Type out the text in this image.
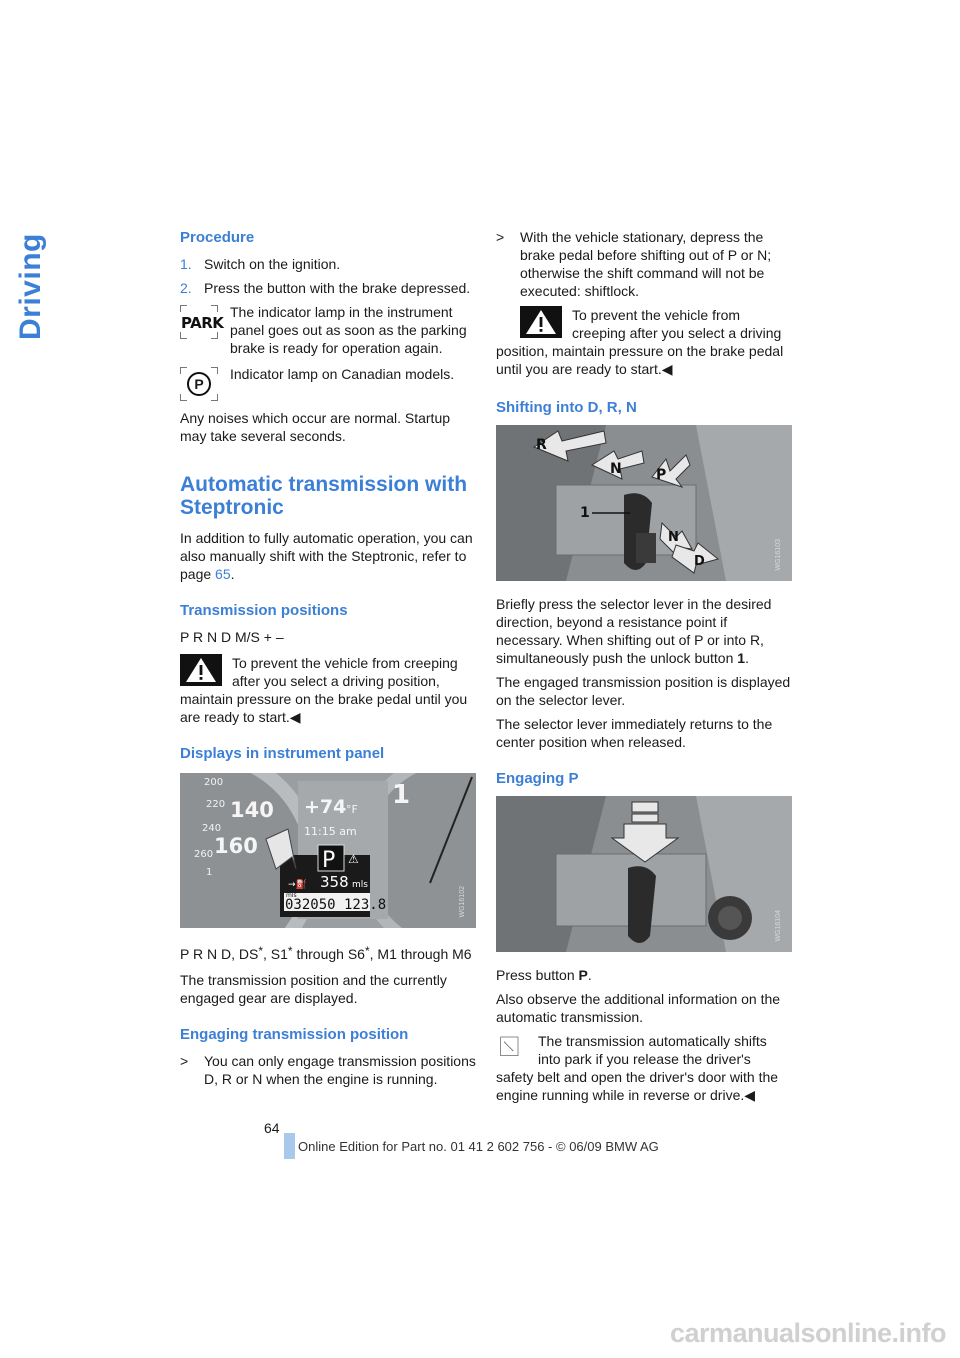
Driving	Procedure
1. Switch on the ignition.
2. Press the button with the brake depressed.
PARK
The indicator lamp in the instrument panel goes out as soon as the parking brake is ready for operation again.
P
Indicator lamp on Canadian models.

Any noises which occur are normal. Startup may take several seconds.

Automatic transmission with
Steptronic

In addition to fully automatic operation, you can also manually shift with the Steptronic, refer to page 65.

Transmission positions

P R N D M/S + –

To prevent the vehicle from creeping after you select a driving position, maintain pressure on the brake pedal until you are ready to start.◀
Displays in instrument panel
200
220
240
260
140
160
1
+74 °F
11:15 am
1
P ⚠
→⛽ 358 mls
mls
032050 123.8	WG16102

P R N D, DS*, S1* through S6*, M1 through M6

The transmission position and the currently engaged gear are displayed.

Engaging transmission position
> You can only engage transmission positions D, R or N when the engine is running.
> With the vehicle stationary, depress the brake pedal before shifting out of P or N; otherwise the shift command will not be executed: shiftlock.
To prevent the vehicle from creeping after you select a driving position, maintain pressure on the brake pedal until you are ready to start.◀
Shifting into D, R, N
R
N P
N
D
1
WG16103

Briefly press the selector lever in the desired direction, beyond a resistance point if necessary. When shifting out of P or into R, simultaneously push the unlock button 1.

The engaged transmission position is displayed on the selector lever.

The selector lever immediately returns to the center position when released.

Engaging P
WG16104

Press button P.

Also observe the additional information on the automatic transmission.

The transmission automatically shifts into park if you release the driver's safety belt and open the driver's door with the engine running while in reverse or drive.◀
64
Online Edition for Part no. 01 41 2 602 756 - © 06/09 BMW AG
carmanualsonline.info
